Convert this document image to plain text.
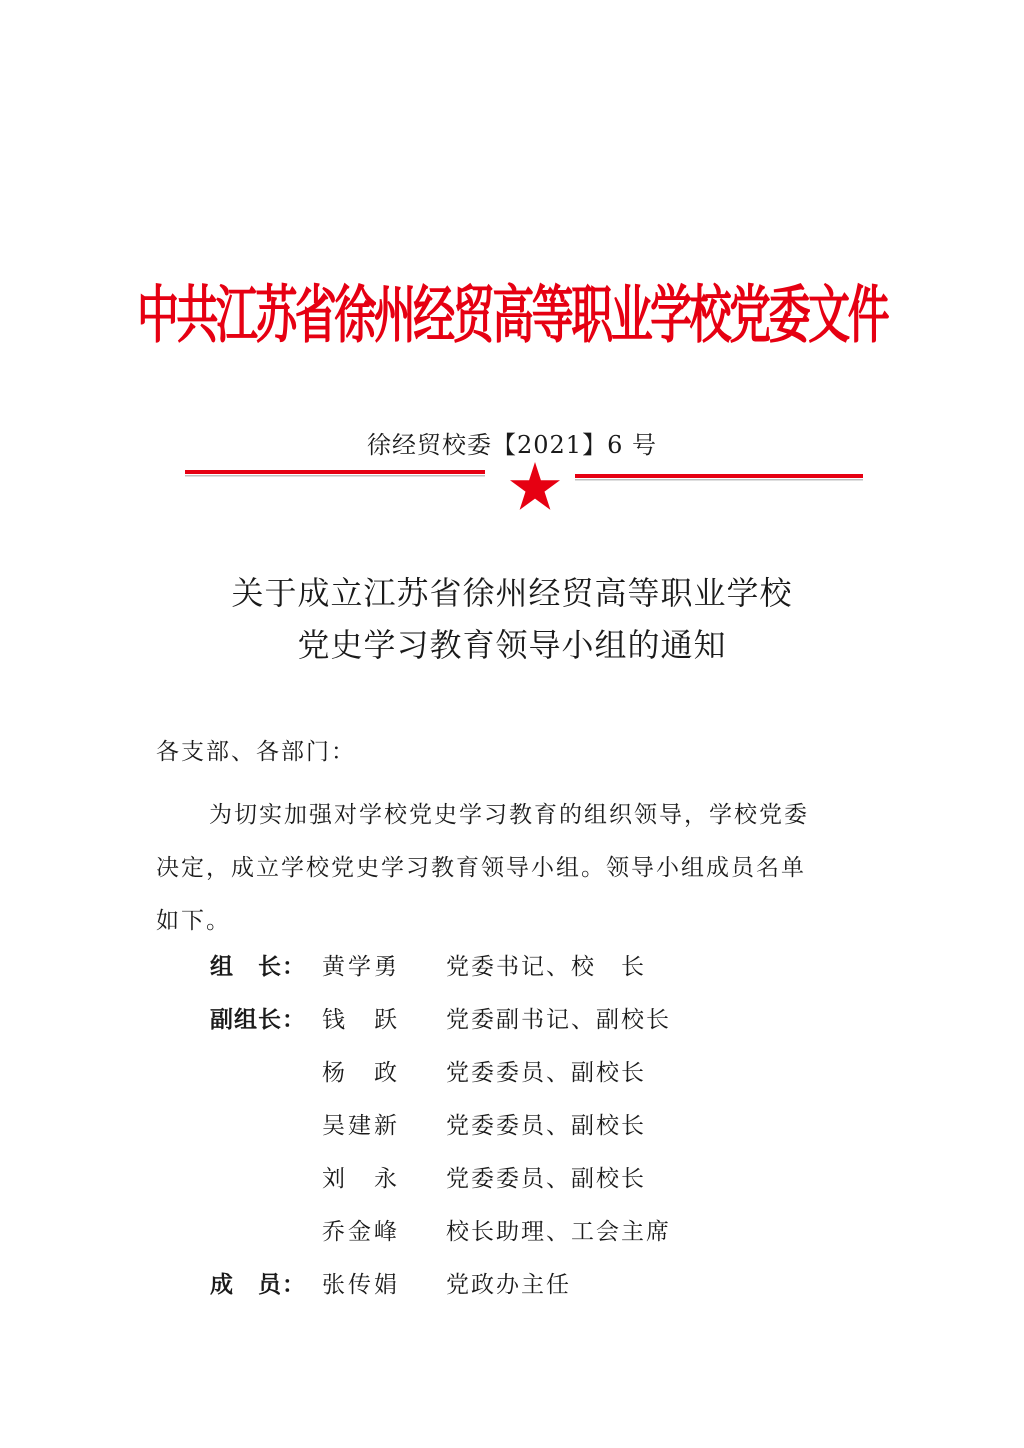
中共江苏省徐州经贸高等职业学校党委文件
徐经贸校委【2021】6 号
关于成立江苏省徐州经贸高等职业学校
党史学习教育领导小组的通知
各支部、各部门：
为切实加强对学校党史学习教育的组织领导，学校党委
决定，成立学校党史学习教育领导小组。领导小组成员名单
如下。
组　长： 黄学勇	党委书记、校　长
副组长： 钱　跃	党委副书记、副校长
杨　政	党委委员、副校长
吴建新	党委委员、副校长
刘　永	党委委员、副校长
乔金峰	校长助理、工会主席
成　员： 张传娟	党政办主任
